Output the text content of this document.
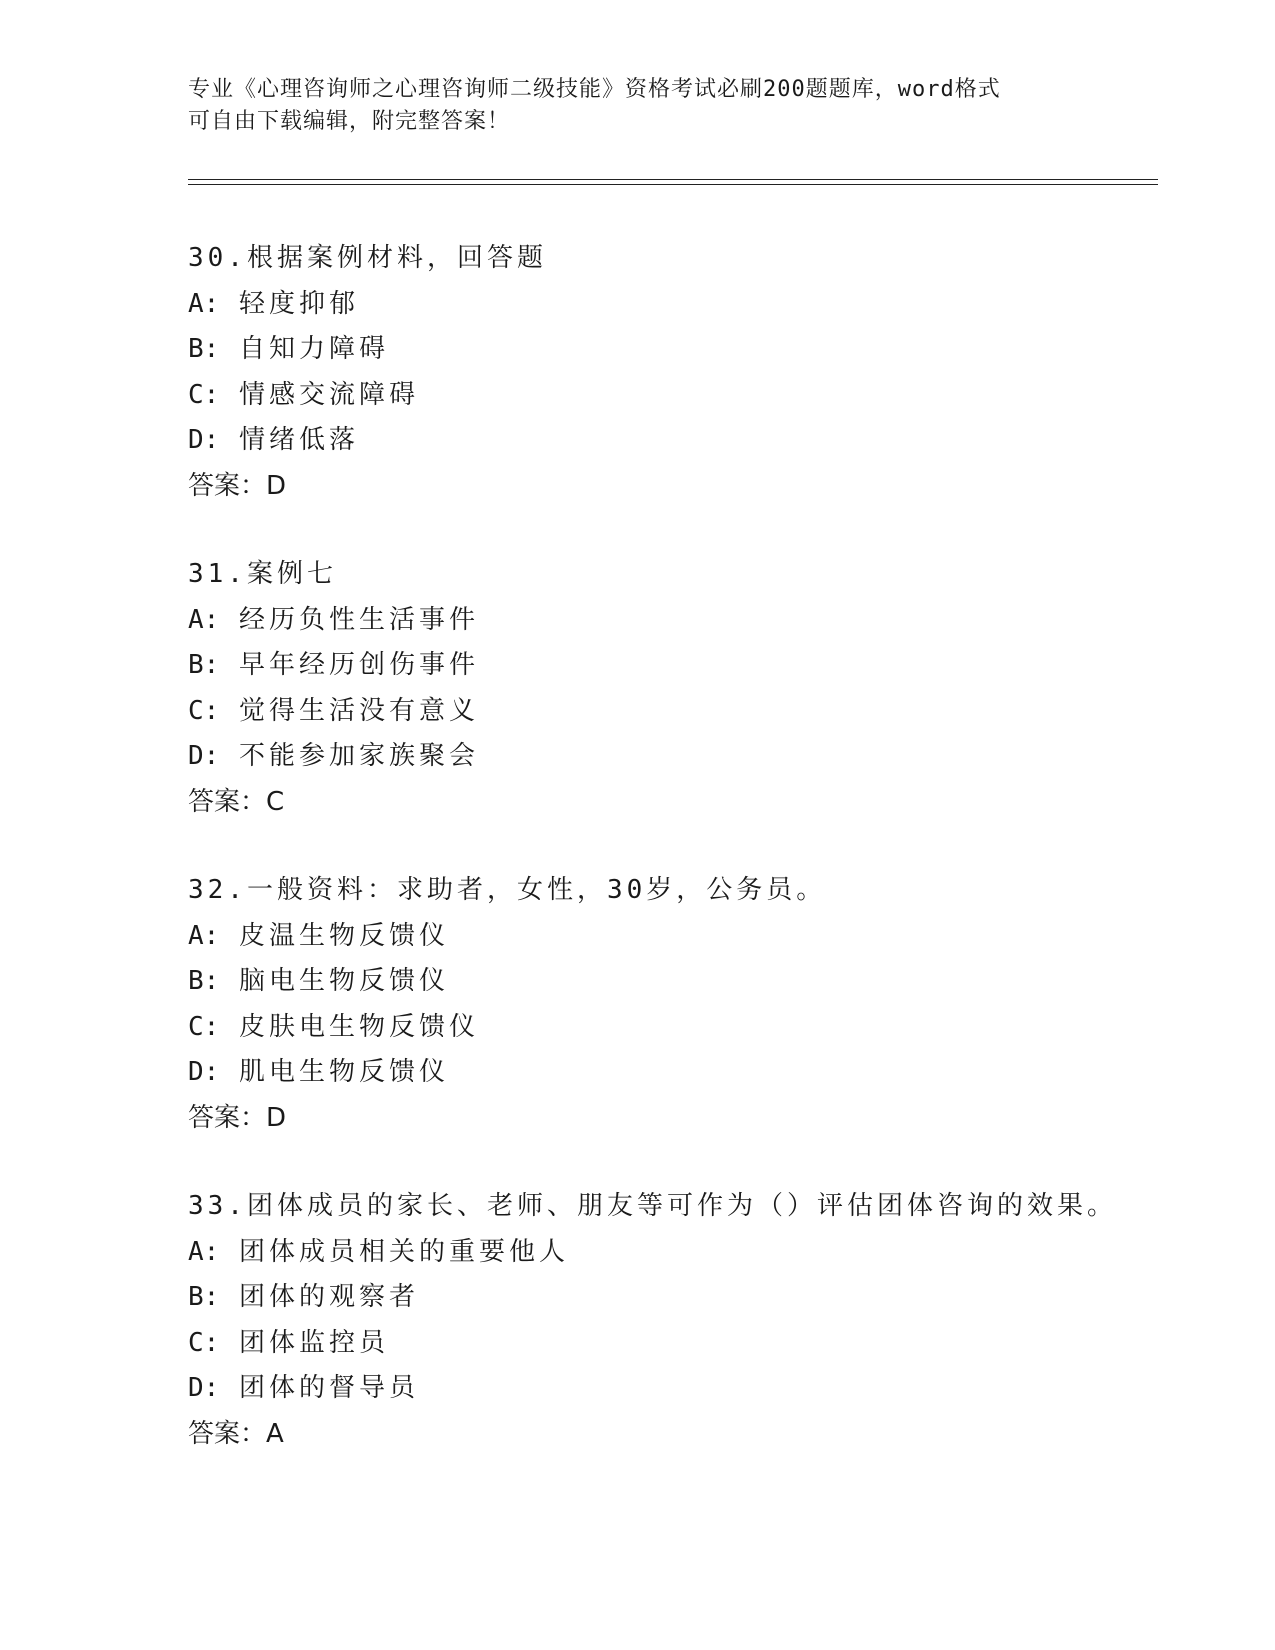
专业《心理咨询师之心理咨询师二级技能》资格考试必刷200题题库，word格式
可自由下载编辑，附完整答案！
30.根据案例材料，回答题
A: 轻度抑郁
B: 自知力障碍
C: 情感交流障碍
D: 情绪低落
答案：D
31.案例七
A: 经历负性生活事件
B: 早年经历创伤事件
C: 觉得生活没有意义
D: 不能参加家族聚会
答案：C
32.一般资料：求助者，女性，30岁，公务员。
A: 皮温生物反馈仪
B: 脑电生物反馈仪
C: 皮肤电生物反馈仪
D: 肌电生物反馈仪
答案：D
33.团体成员的家长、老师、朋友等可作为（）评估团体咨询的效果。
A: 团体成员相关的重要他人
B: 团体的观察者
C: 团体监控员
D: 团体的督导员
答案：A
